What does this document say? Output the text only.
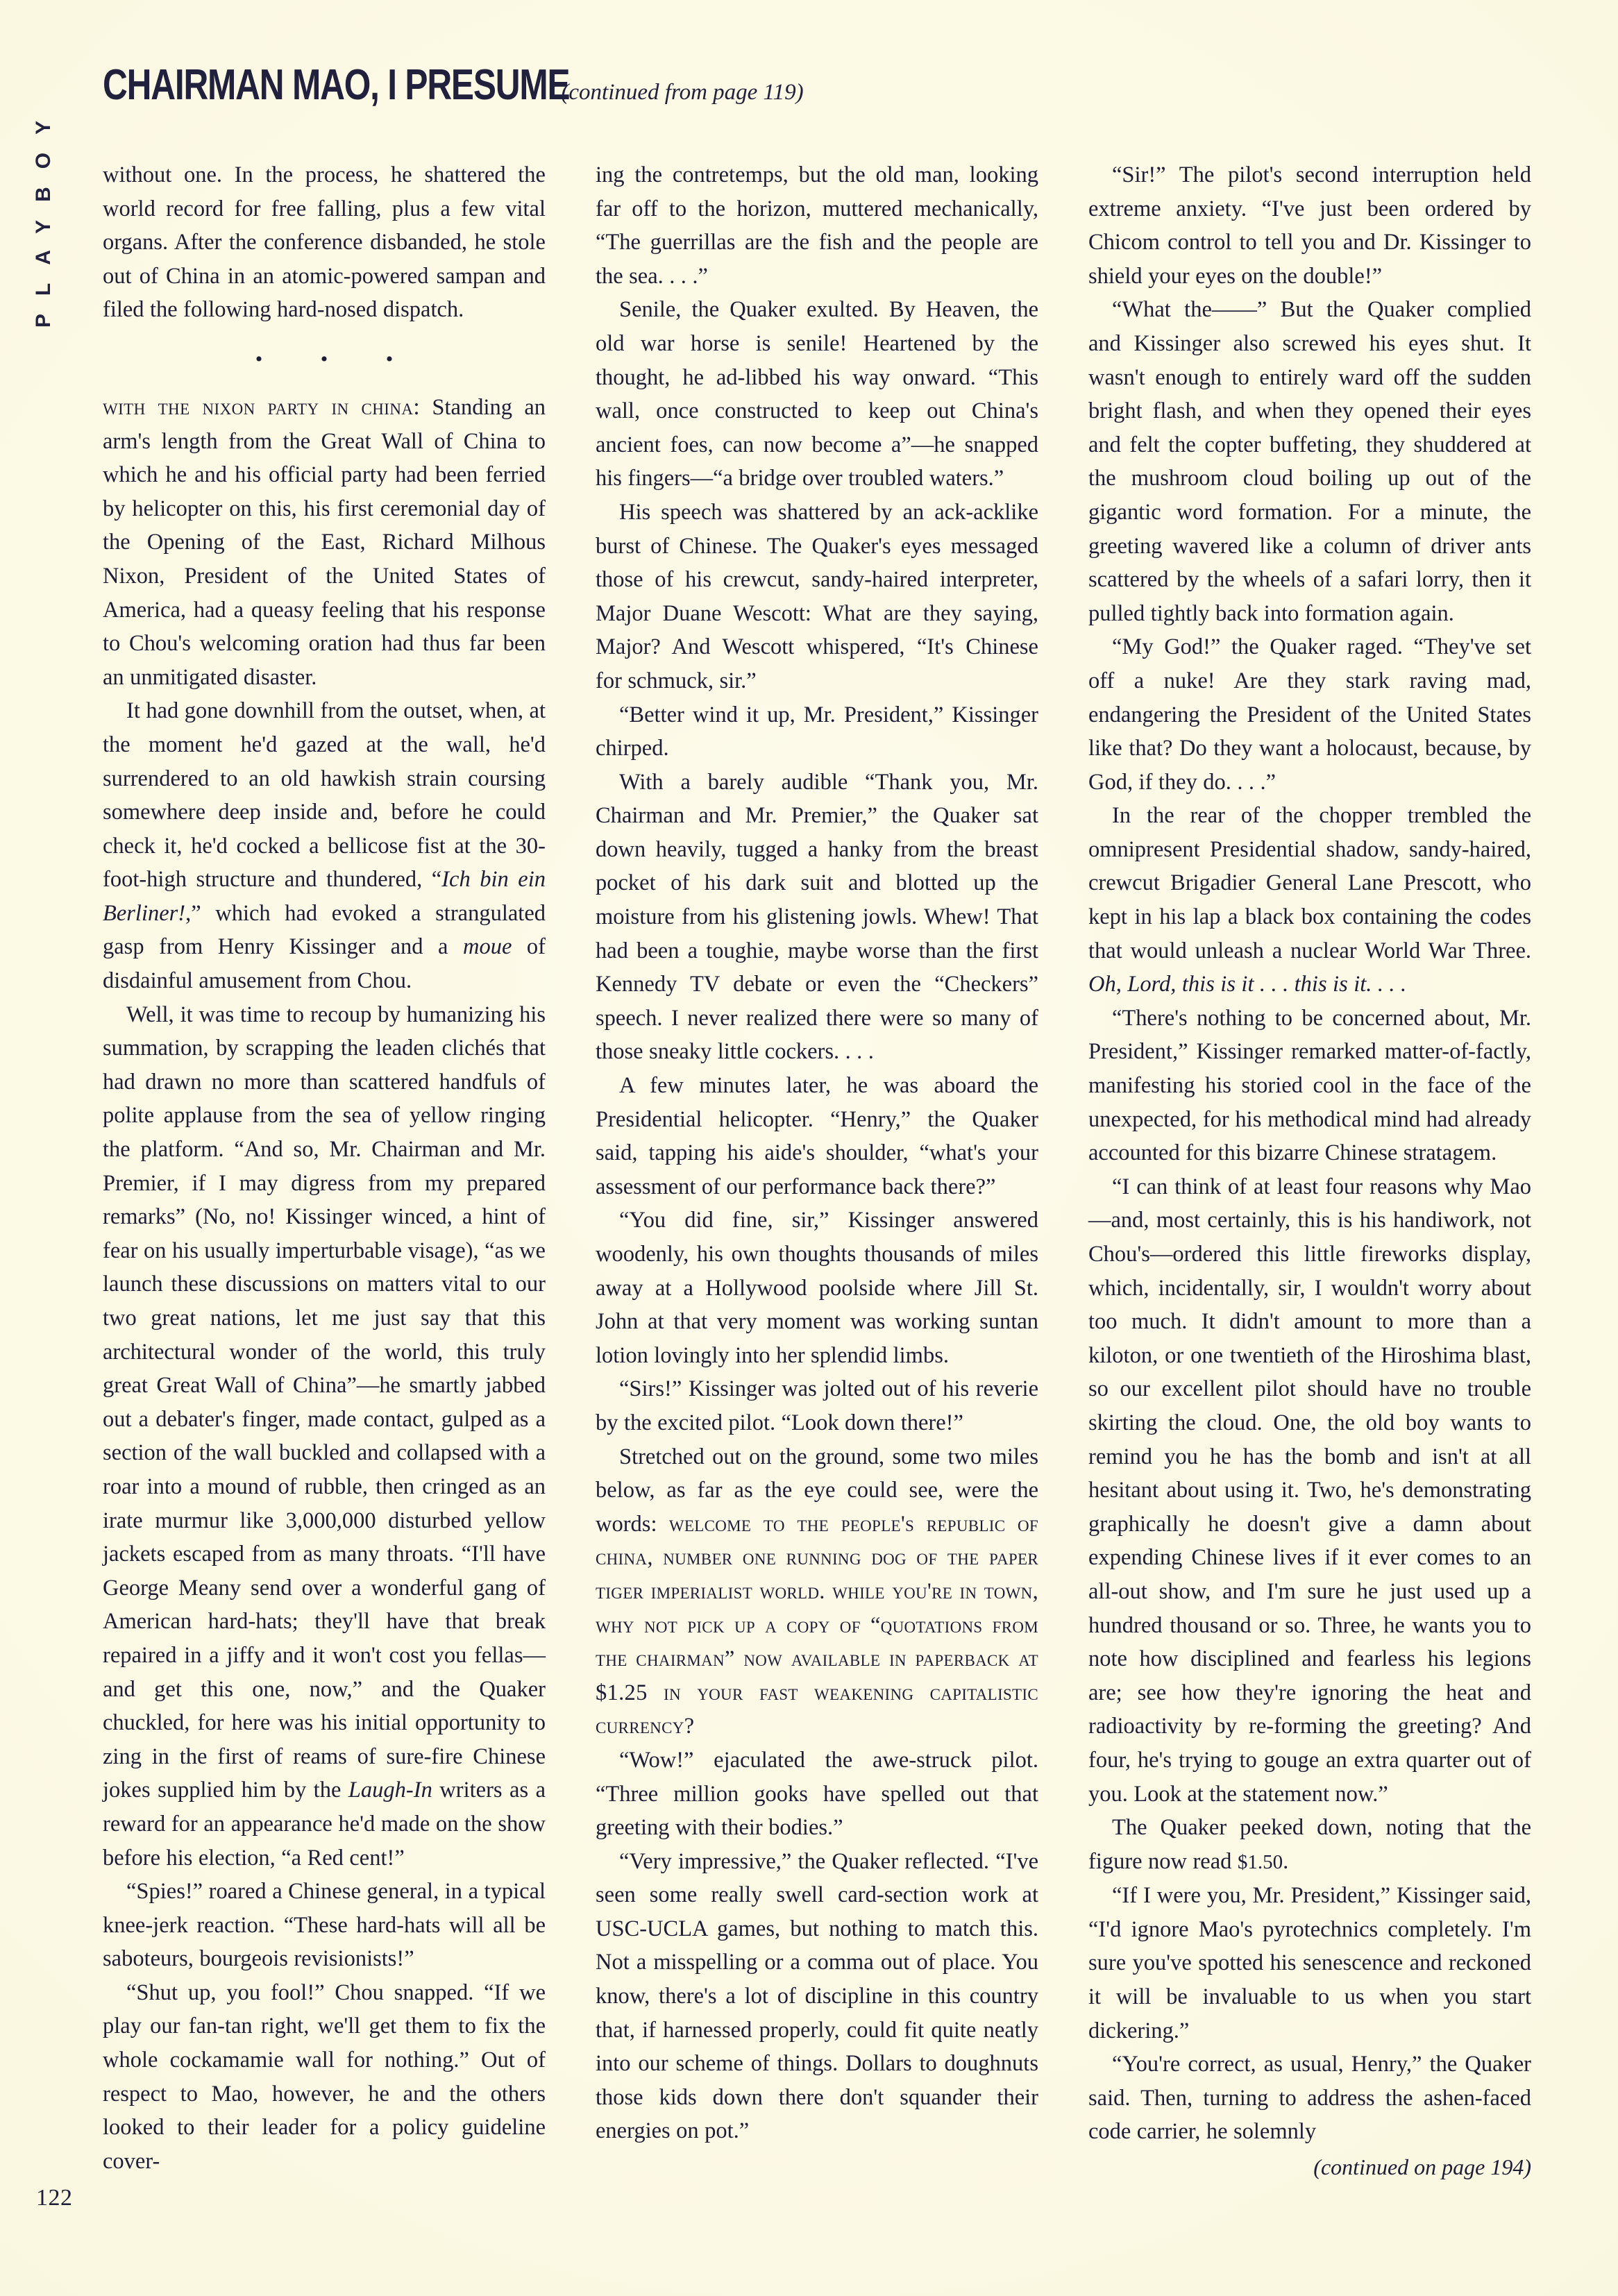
PLAYBOY
CHAIRMAN MAO, I PRESUME
(continued from page 119)

without one. In the process, he shattered the world record for free falling, plus a few vital organs. After the conference disbanded, he stole out of China in an atomic-powered sampan and filed the following hard-nosed dispatch.

• • •

with the nixon party in china: Standing an arm's length from the Great Wall of China to which he and his official party had been ferried by helicopter on this, his first ceremonial day of the Opening of the East, Richard Milhous Nixon, President of the United States of America, had a queasy feeling that his response to Chou's welcoming oration had thus far been an unmitigated disaster.

It had gone downhill from the outset, when, at the moment he'd gazed at the wall, he'd surrendered to an old hawkish strain coursing somewhere deep inside and, before he could check it, he'd cocked a bellicose fist at the 30-foot-high structure and thundered, “Ich bin ein Berliner!,” which had evoked a strangulated gasp from Henry Kissinger and a moue of disdainful amusement from Chou.

Well, it was time to recoup by humanizing his summation, by scrapping the leaden clichés that had drawn no more than scattered handfuls of polite applause from the sea of yellow ringing the platform. “And so, Mr. Chairman and Mr. Premier, if I may digress from my prepared remarks” (No, no! Kissinger winced, a hint of fear on his usually imperturbable visage), “as we launch these discussions on matters vital to our two great nations, let me just say that this architectural wonder of the world, this truly great Great Wall of China”—he smartly jabbed out a debater's finger, made contact, gulped as a section of the wall buckled and collapsed with a roar into a mound of rubble, then cringed as an irate murmur like 3,000,000 disturbed yellow jackets escaped from as many throats. “I'll have George Meany send over a wonderful gang of American hard-hats; they'll have that break repaired in a jiffy and it won't cost you fellas—and get this one, now,” and the Quaker chuckled, for here was his initial opportunity to zing in the first of reams of sure-fire Chinese jokes supplied him by the Laugh-In writers as a reward for an appearance he'd made on the show before his election, “a Red cent!”

“Spies!” roared a Chinese general, in a typical knee-jerk reaction. “These hard-hats will all be saboteurs, bourgeois revisionists!”

“Shut up, you fool!” Chou snapped. “If we play our fan-tan right, we'll get them to fix the whole cockamamie wall for nothing.” Out of respect to Mao, however, he and the others looked to their leader for a policy guideline cover-

ing the contretemps, but the old man, looking far off to the horizon, muttered mechanically, “The guerrillas are the fish and the people are the sea. . . .”

Senile, the Quaker exulted. By Heaven, the old war horse is senile! Heartened by the thought, he ad-libbed his way onward. “This wall, once constructed to keep out China's ancient foes, can now become a”—he snapped his fingers—“a bridge over troubled waters.”

His speech was shattered by an ack-acklike burst of Chinese. The Quaker's eyes messaged those of his crewcut, sandy-haired interpreter, Major Duane Wescott: What are they saying, Major? And Wescott whispered, “It's Chinese for schmuck, sir.”

“Better wind it up, Mr. President,” Kissinger chirped.

With a barely audible “Thank you, Mr. Chairman and Mr. Premier,” the Quaker sat down heavily, tugged a hanky from the breast pocket of his dark suit and blotted up the moisture from his glistening jowls. Whew! That had been a toughie, maybe worse than the first Kennedy TV debate or even the “Checkers” speech. I never realized there were so many of those sneaky little cockers. . . .

A few minutes later, he was aboard the Presidential helicopter. “Henry,” the Quaker said, tapping his aide's shoulder, “what's your assessment of our performance back there?”

“You did fine, sir,” Kissinger answered woodenly, his own thoughts thousands of miles away at a Hollywood poolside where Jill St. John at that very moment was working suntan lotion lovingly into her splendid limbs.

“Sirs!” Kissinger was jolted out of his reverie by the excited pilot. “Look down there!”

Stretched out on the ground, some two miles below, as far as the eye could see, were the words: welcome to the people's republic of china, number one running dog of the paper tiger imperialist world. while you're in town, why not pick up a copy of “quotations from the chairman” now available in paperback at $1.25 in your fast weakening capitalistic currency?

“Wow!” ejaculated the awe-struck pilot. “Three million gooks have spelled out that greeting with their bodies.”

“Very impressive,” the Quaker reflected. “I've seen some really swell card-section work at USC-UCLA games, but nothing to match this. Not a misspelling or a comma out of place. You know, there's a lot of discipline in this country that, if harnessed properly, could fit quite neatly into our scheme of things. Dollars to doughnuts those kids down there don't squander their energies on pot.”

“Sir!” The pilot's second interruption held extreme anxiety. “I've just been ordered by Chicom control to tell you and Dr. Kissinger to shield your eyes on the double!”

“What the——” But the Quaker complied and Kissinger also screwed his eyes shut. It wasn't enough to entirely ward off the sudden bright flash, and when they opened their eyes and felt the copter buffeting, they shuddered at the mushroom cloud boiling up out of the gigantic word formation. For a minute, the greeting wavered like a column of driver ants scattered by the wheels of a safari lorry, then it pulled tightly back into formation again.

“My God!” the Quaker raged. “They've set off a nuke! Are they stark raving mad, endangering the President of the United States like that? Do they want a holocaust, because, by God, if they do. . . .”

In the rear of the chopper trembled the omnipresent Presidential shadow, sandy-haired, crewcut Brigadier General Lane Prescott, who kept in his lap a black box containing the codes that would unleash a nuclear World War Three. Oh, Lord, this is it . . . this is it. . . .

“There's nothing to be concerned about, Mr. President,” Kissinger remarked matter-of-factly, manifesting his storied cool in the face of the unexpected, for his methodical mind had already accounted for this bizarre Chinese stratagem.

“I can think of at least four reasons why Mao—and, most certainly, this is his handiwork, not Chou's—ordered this little fireworks display, which, incidentally, sir, I wouldn't worry about too much. It didn't amount to more than a kiloton, or one twentieth of the Hiroshima blast, so our excellent pilot should have no trouble skirting the cloud. One, the old boy wants to remind you he has the bomb and isn't at all hesitant about using it. Two, he's demonstrating graphically he doesn't give a damn about expending Chinese lives if it ever comes to an all-out show, and I'm sure he just used up a hundred thousand or so. Three, he wants you to note how disciplined and fearless his legions are; see how they're ignoring the heat and radioactivity by re-forming the greeting? And four, he's trying to gouge an extra quarter out of you. Look at the statement now.”

The Quaker peeked down, noting that the figure now read $1.50.

“If I were you, Mr. President,” Kissinger said, “I'd ignore Mao's pyrotechnics completely. I'm sure you've spotted his senescence and reckoned it will be invaluable to us when you start dickering.”

“You're correct, as usual, Henry,” the Quaker said. Then, turning to address the ashen-faced code carrier, he solemnly

(continued on page 194)
122
